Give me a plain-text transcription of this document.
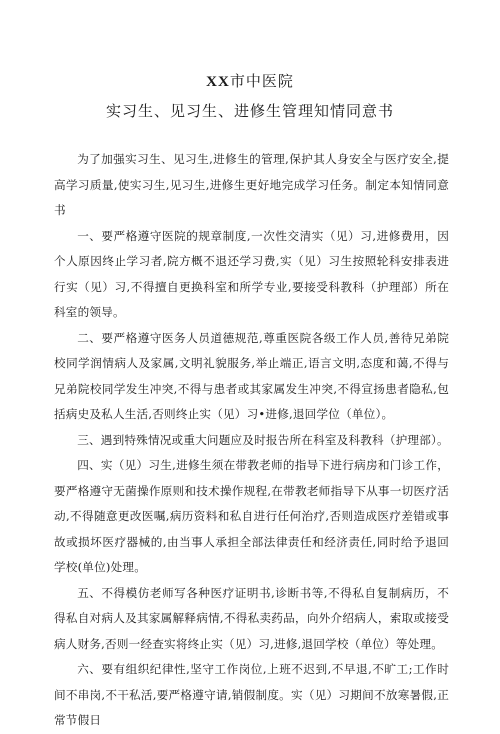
XX市中医院
实习生、见习生、进修生管理知情同意书

为了加强实习生、见习生,进修生的管理,保护其人身安全与医疗安全,提高学习质量,使实习生,见习生,进修生更好地完成学习任务。制定本知情同意书

一、要严格遵守医院的规章制度,一次性交清实（见）习,进修费用，因个人原因终止学习者,院方概不退还学习费,实（见）习生按照轮科安排表进行实（见）习,不得擅自更换科室和所学专业,要接受科教科（护理部）所在科室的领导。

二、要严格遵守医务人员道德规范,尊重医院各级工作人员,善待兄弟院校同学润情病人及家属,文明礼貌服务,举止端正,语言文明,态度和蔼,不得与兄弟院校同学发生冲突,不得与患者或其家属发生冲突,不得宣扬患者隐私,包括病史及私人生活,否则终止实（见）习•进修,退回学位（单位）。

三、遇到特殊情况或重大问题应及时报告所在科室及科教科（护理部）。

四、实（见）习生,进修生须在带教老师的指导下进行病房和门诊工作，要严格遵守无菌操作原则和技术操作规程,在带教老师指导下从事一切医疗活动,不得随意更改医嘱,病历资料和私自进行任何治疗,否则造成医疗差错或事故或损坏医疗器械的,由当事人承担全部法律责任和经济责任,同时给予退回学校(单位)处理。

五、不得模仿老师写各种医疗证明书,诊断书等,不得私自复制病历，不得私自对病人及其家属解释病情,不得私卖药品，向外介绍病人，索取或接受病人财务,否则一经查实将终止实（见）习,进修,退回学校（单位）等处理。

六、要有组织纪律性,坚守工作岗位,上班不迟到,不早退,不旷工;工作时间不串岗,不干私活,要严格遵守请,销假制度。实（见）习期间不放寒暑假,正常节假日
